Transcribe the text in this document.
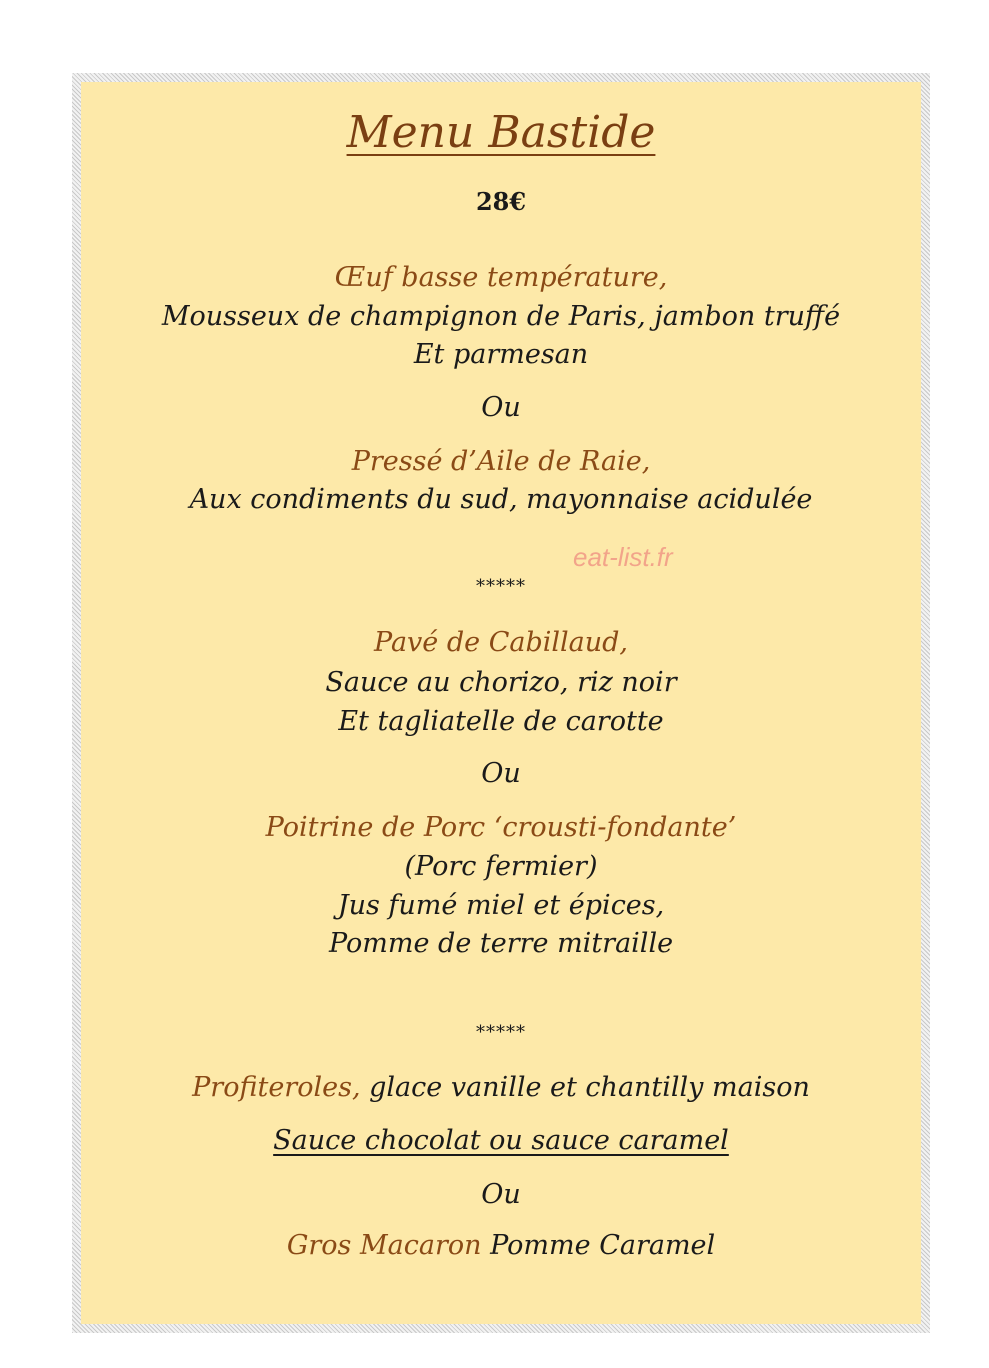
Menu Bastide
28€
Œuf basse température,
Mousseux de champignon de Paris, jambon truffé
Et parmesan
Ou
Pressé d’Aile de Raie,
Aux condiments du sud, mayonnaise acidulée
eat-list.fr
*****
Pavé de Cabillaud,
Sauce au chorizo, riz noir
Et tagliatelle de carotte
Ou
Poitrine de Porc ‘crousti-fondante’
(Porc fermier)
Jus fumé miel et épices,
Pomme de terre mitraille
*****
Profiteroles, glace vanille et chantilly maison
Sauce chocolat ou sauce caramel
Ou
Gros Macaron Pomme Caramel
